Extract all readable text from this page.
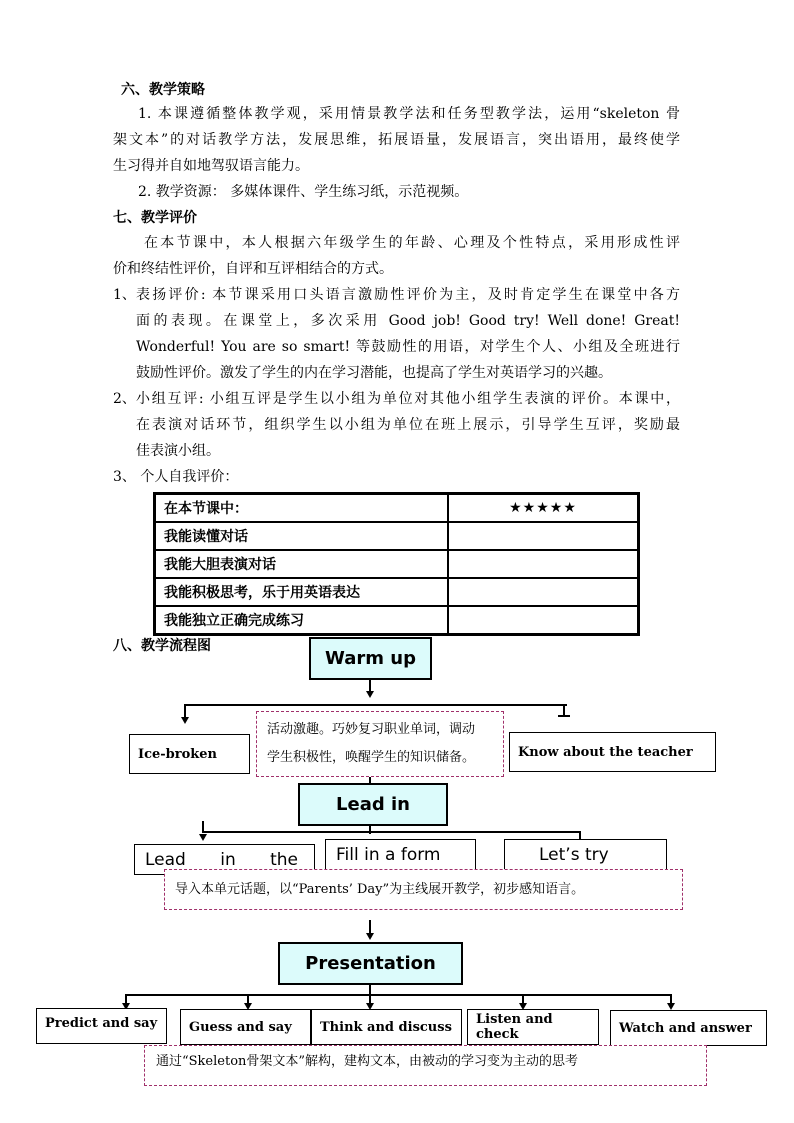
六、教学策略
1. 本课遵循整体教学观，采用情景教学法和任务型教学法，运用“skeleton 骨
架文本”的对话教学方法，发展思维，拓展语量，发展语言，突出语用，最终使学
生习得并自如地驾驭语言能力。
2. 教学资源： 多媒体课件、学生练习纸，示范视频。
七、教学评价
在本节课中，本人根据六年级学生的年龄、心理及个性特点，采用形成性评
价和终结性评价，自评和互评相结合的方式。
1、 表扬评价: 本节课采用口头语言激励性评价为主，及时肯定学生在课堂中各方
面的表现。在课堂上，多次采用 Good job! Good try! Well done! Great!
Wonderful! You are so smart! 等鼓励性的用语，对学生个人、小组及全班进行
鼓励性评价。激发了学生的内在学习潜能，也提高了学生对英语学习的兴趣。
2、 小组互评: 小组互评是学生以小组为单位对其他小组学生表演的评价。本课中，
在表演对话环节，组织学生以小组为单位在班上展示，引导学生互评，奖励最
佳表演小组。
3、 个人自我评价：
在本节课中：	★★★★★
我能读懂对话	
我能大胆表演对话	
我能积极思考，乐于用英语表达	
我能独立正确完成练习	
八、教学流程图
Warm up
Ice-broken
活动激趣。巧妙复习职业单词，调动
学生积极性，唤醒学生的知识储备。	Know about the teacher
Lead in
Lead in the	Fill in a form	Let’s try
导入本单元话题，以“Parents’ Day”为主线展开教学，初步感知语言。
Presentation
Predict and say	Guess and say	Think and discuss	Listen and check	Watch and answer
通过“Skeleton骨架文本”解构，建构文本，由被动的学习变为主动的思考
